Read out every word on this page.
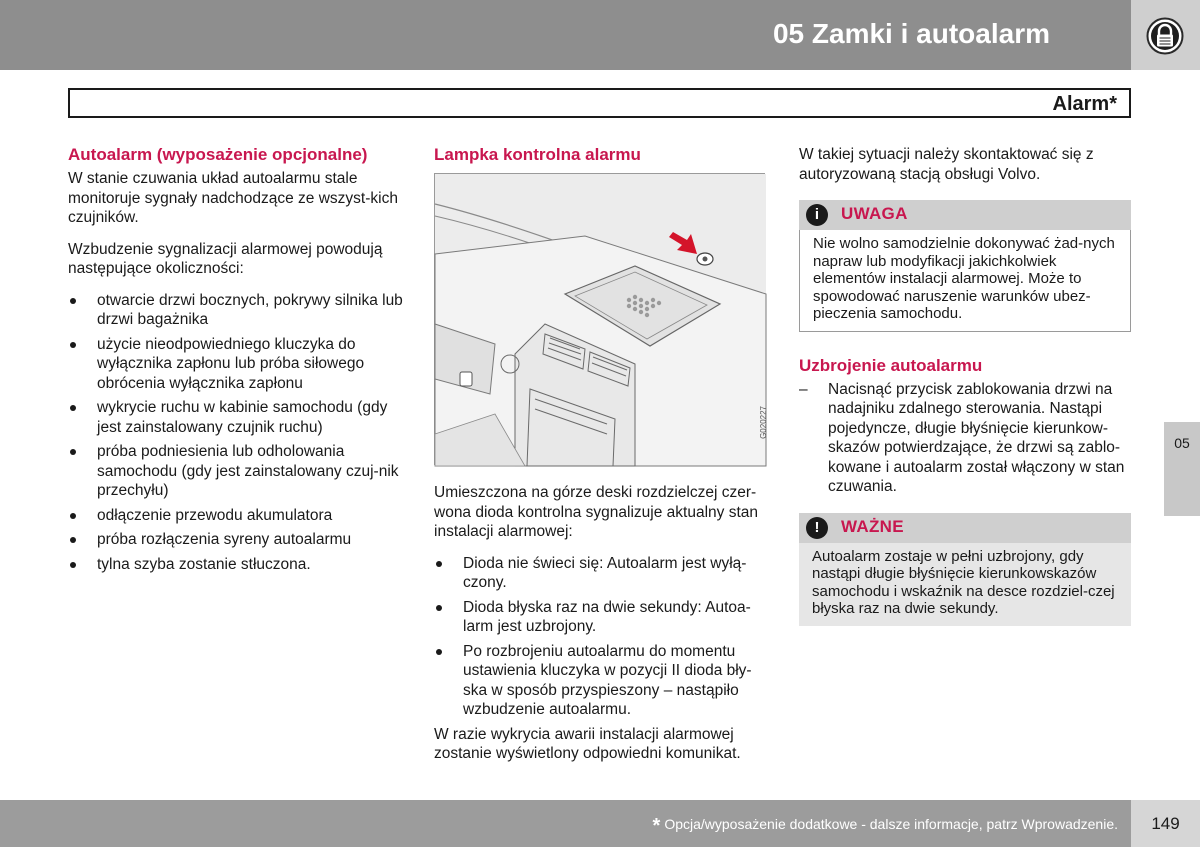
05 Zamki i autoalarm
Alarm*
Autoalarm (wyposażenie opcjonalne)

W stanie czuwania układ autoalarmu stale monitoruje sygnały nadchodzące ze wszyst-kich czujników.

Wzbudzenie sygnalizacji alarmowej powodują następujące okoliczności:

otwarcie drzwi bocznych, pokrywy silnika lub drzwi bagażnika
użycie nieodpowiedniego kluczyka do wyłącznika zapłonu lub próba siłowego obrócenia wyłącznika zapłonu
wykrycie ruchu w kabinie samochodu (gdy jest zainstalowany czujnik ruchu)
próba podniesienia lub odholowania samochodu (gdy jest zainstalowany czuj-nik przechyłu)
odłączenie przewodu akumulatora
próba rozłączenia syreny autoalarmu
tylna szyba zostanie stłuczona.
Lampka kontrolna alarmu
G020227

Umieszczona na górze deski rozdzielczej czer-wona dioda kontrolna sygnalizuje aktualny stan instalacji alarmowej:

Dioda nie świeci się: Autoalarm jest wyłą-czony.
Dioda błyska raz na dwie sekundy: Autoa-larm jest uzbrojony.
Po rozbrojeniu autoalarmu do momentu ustawienia kluczyka w pozycji II dioda bły-ska w sposób przyspieszony – nastąpiło wzbudzenie autoalarmu.

W razie wykrycia awarii instalacji alarmowej zostanie wyświetlony odpowiedni komunikat.

W takiej sytuacji należy skontaktować się z autoryzowaną stacją obsługi Volvo.

i	UWAGA
Nie wolno samodzielnie dokonywać żad-nych napraw lub modyfikacji jakichkolwiek elementów instalacji alarmowej. Może to spowodować naruszenie warunków ubez-pieczenia samochodu.
Uzbrojenie autoalarmu
– Nacisnąć przycisk zablokowania drzwi na nadajniku zdalnego sterowania. Nastąpi pojedyncze, długie błyśnięcie kierunkow-skazów potwierdzające, że drzwi są zablo-kowane i autoalarm został włączony w stan czuwania.
!	WAŻNE
Autoalarm zostaje w pełni uzbrojony, gdy nastąpi długie błyśnięcie kierunkowskazów samochodu i wskaźnik na desce rozdziel-czej błyska raz na dwie sekundy.
05
* Opcja/wyposażenie dodatkowe - dalsze informacje, patrz Wprowadzenie.	149
